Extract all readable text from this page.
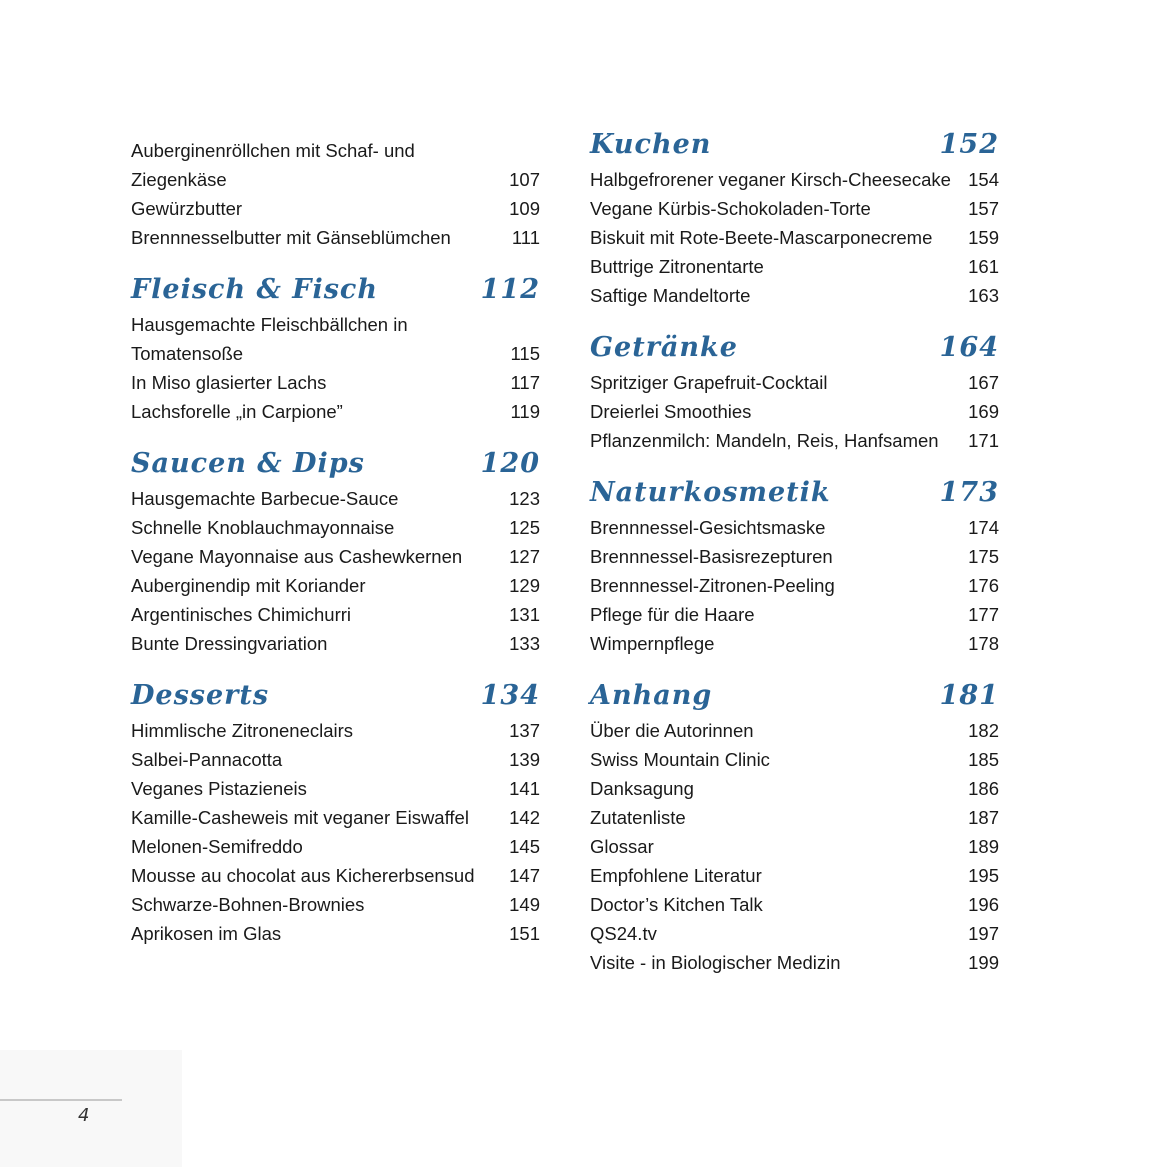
Auberginenröllchen mit Schaf- und
Ziegenkäse	107
Gewürzbutter	109
Brennnesselbutter mit Gänseblümchen	111
Fleisch & Fisch	112
Hausgemachte Fleischbällchen in
Tomatensoße	115
In Miso glasierter Lachs	117
Lachsforelle „in Carpione”	119
Saucen & Dips	120
Hausgemachte Barbecue-Sauce	123
Schnelle Knoblauchmayonnaise	125
Vegane Mayonnaise aus Cashewkernen	127
Auberginendip mit Koriander	129
Argentinisches Chimichurri	131
Bunte Dressingvariation	133
Desserts	134
Himmlische Zitroneneclairs	137
Salbei-Pannacotta	139
Veganes Pistazieneis	141
Kamille-Casheweis mit veganer Eiswaffel	142
Melonen-Semifreddo	145
Mousse au chocolat aus Kichererbsensud	147
Schwarze-Bohnen-Brownies	149
Aprikosen im Glas	151
Kuchen	152
Halbgefrorener veganer Kirsch-Cheesecake 154
Vegane Kürbis-Schokoladen-Torte	157
Biskuit mit Rote-Beete-Mascarponecreme	159
Buttrige Zitronentarte	161
Saftige Mandeltorte	163
Getränke	164
Spritziger Grapefruit-Cocktail	167
Dreierlei Smoothies	169
Pflanzenmilch: Mandeln, Reis, Hanfsamen	171
Naturkosmetik	173
Brennnessel-Gesichtsmaske	174
Brennnessel-Basisrezepturen	175
Brennnessel-Zitronen-Peeling	176
Pflege für die Haare	177
Wimpernpflege	178
Anhang	181
Über die Autorinnen	182
Swiss Mountain Clinic	185
Danksagung	186
Zutatenliste	187
Glossar	189
Empfohlene Literatur	195
Doctor’s Kitchen Talk	196
QS24.tv	197
Visite - in Biologischer Medizin	199
4
